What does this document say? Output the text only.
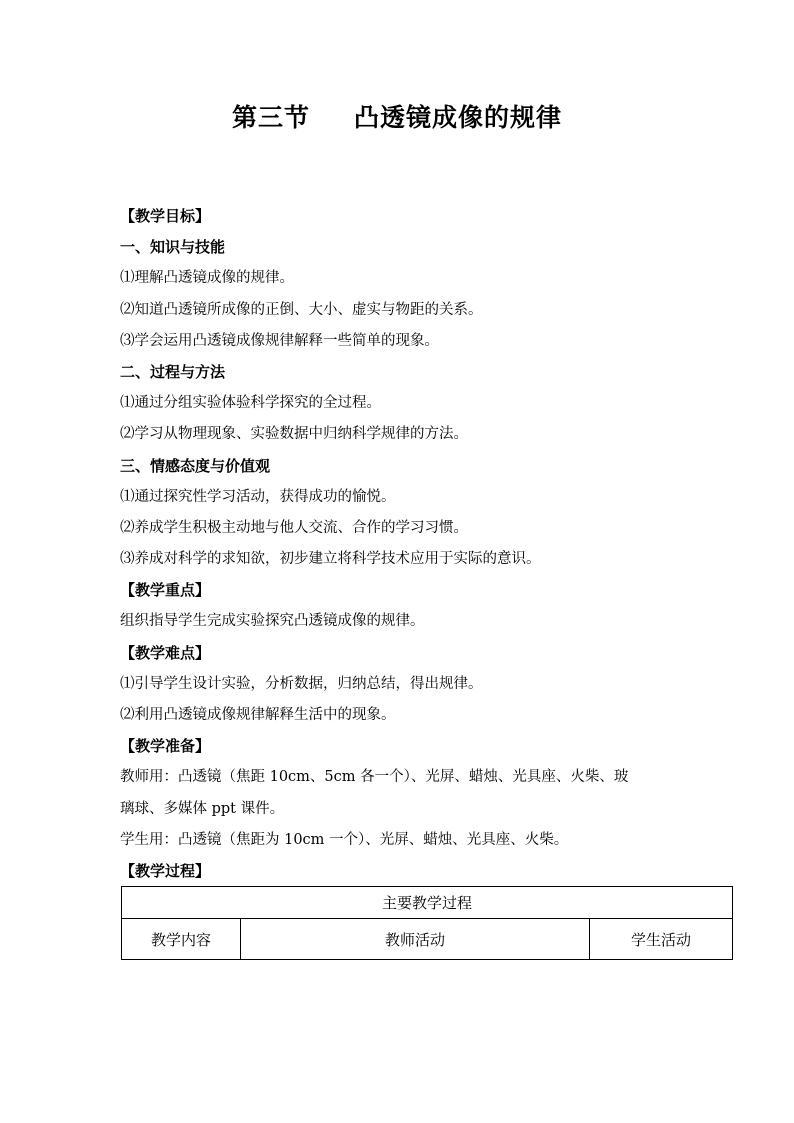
第三节 凸透镜成像的规律
【教学目标】
一、知识与技能
⑴理解凸透镜成像的规律。
⑵知道凸透镜所成像的正倒、大小、虚实与物距的关系。
⑶学会运用凸透镜成像规律解释一些简单的现象。
二、过程与方法
⑴通过分组实验体验科学探究的全过程。
⑵学习从物理现象、实验数据中归纳科学规律的方法。
三、情感态度与价值观
⑴通过探究性学习活动，获得成功的愉悦。
⑵养成学生积极主动地与他人交流、合作的学习习惯。
⑶养成对科学的求知欲，初步建立将科学技术应用于实际的意识。
【教学重点】
组织指导学生完成实验探究凸透镜成像的规律。
【教学难点】
⑴引导学生设计实验，分析数据，归纳总结，得出规律。
⑵利用凸透镜成像规律解释生活中的现象。
【教学准备】
教师用：凸透镜（焦距 10cm、5cm 各一个）、光屏、蜡烛、光具座、火柴、玻
璃球、多媒体 ppt 课件。
学生用：凸透镜（焦距为 10cm 一个）、光屏、蜡烛、光具座、火柴。
【教学过程】
主要教学过程
教学内容	教师活动	学生活动
